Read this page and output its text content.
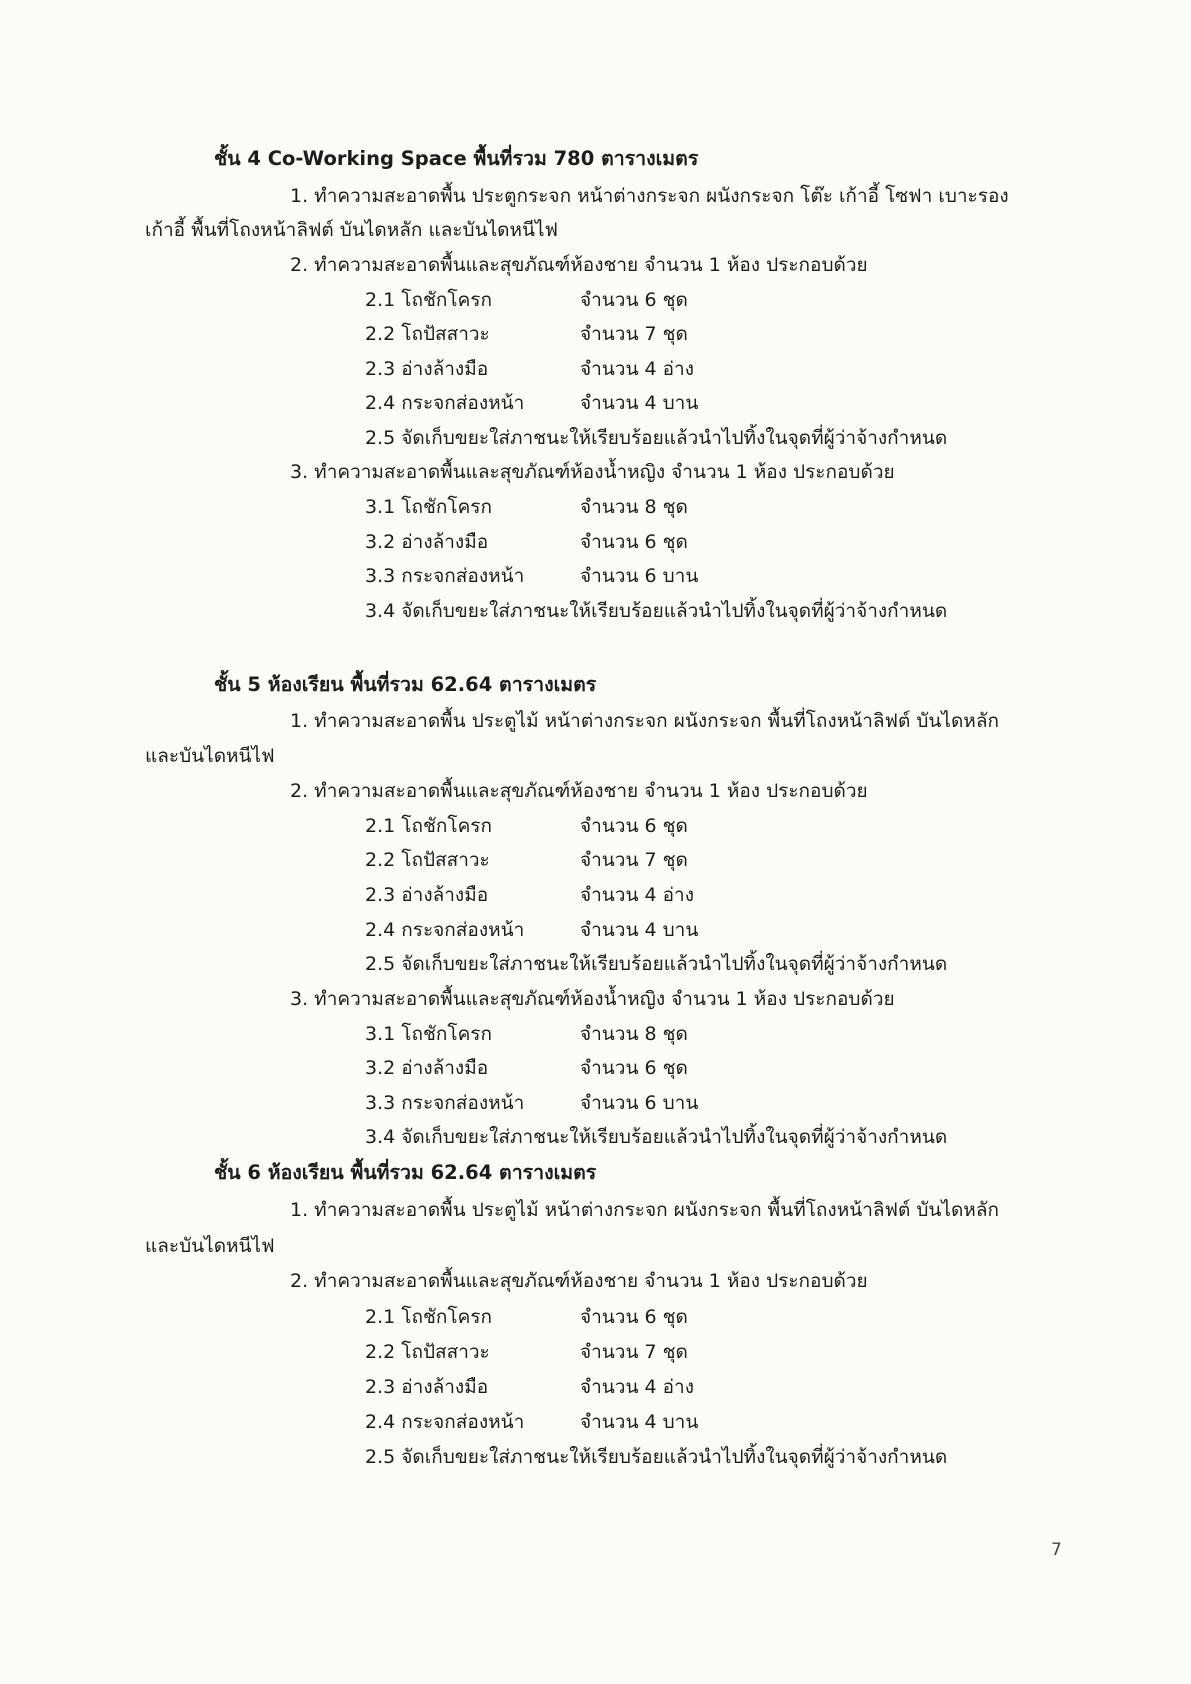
ชั้น 4 Co-Working Space พื้นที่รวม 780 ตารางเมตร
1. ทำความสะอาดพื้น ประตูกระจก หน้าต่างกระจก ผนังกระจก โต๊ะ เก้าอี้ โซฟา เบาะรอง
เก้าอี้ พื้นที่โถงหน้าลิฟต์ บันไดหลัก และบันไดหนีไฟ
2. ทำความสะอาดพื้นและสุขภัณฑ์ห้องชาย จำนวน 1 ห้อง ประกอบด้วย
2.1 โถชักโครก	จำนวน 6 ชุด
2.2 โถปัสสาวะ	จำนวน 7 ชุด
2.3 อ่างล้างมือ	จำนวน 4 อ่าง
2.4 กระจกส่องหน้า	จำนวน 4 บาน
2.5 จัดเก็บขยะใส่ภาชนะให้เรียบร้อยแล้วนำไปทิ้งในจุดที่ผู้ว่าจ้างกำหนด
3. ทำความสะอาดพื้นและสุขภัณฑ์ห้องน้ำหญิง จำนวน 1 ห้อง ประกอบด้วย
3.1 โถชักโครก	จำนวน 8 ชุด
3.2 อ่างล้างมือ	จำนวน 6 ชุด
3.3 กระจกส่องหน้า	จำนวน 6 บาน
3.4 จัดเก็บขยะใส่ภาชนะให้เรียบร้อยแล้วนำไปทิ้งในจุดที่ผู้ว่าจ้างกำหนด
ชั้น 5 ห้องเรียน พื้นที่รวม 62.64 ตารางเมตร
1. ทำความสะอาดพื้น ประตูไม้ หน้าต่างกระจก ผนังกระจก พื้นที่โถงหน้าลิฟต์ บันไดหลัก
และบันไดหนีไฟ
2. ทำความสะอาดพื้นและสุขภัณฑ์ห้องชาย จำนวน 1 ห้อง ประกอบด้วย
2.1 โถชักโครก	จำนวน 6 ชุด
2.2 โถปัสสาวะ	จำนวน 7 ชุด
2.3 อ่างล้างมือ	จำนวน 4 อ่าง
2.4 กระจกส่องหน้า	จำนวน 4 บาน
2.5 จัดเก็บขยะใส่ภาชนะให้เรียบร้อยแล้วนำไปทิ้งในจุดที่ผู้ว่าจ้างกำหนด
3. ทำความสะอาดพื้นและสุขภัณฑ์ห้องน้ำหญิง จำนวน 1 ห้อง ประกอบด้วย
3.1 โถชักโครก	จำนวน 8 ชุด
3.2 อ่างล้างมือ	จำนวน 6 ชุด
3.3 กระจกส่องหน้า	จำนวน 6 บาน
3.4 จัดเก็บขยะใส่ภาชนะให้เรียบร้อยแล้วนำไปทิ้งในจุดที่ผู้ว่าจ้างกำหนด
ชั้น 6 ห้องเรียน พื้นที่รวม 62.64 ตารางเมตร
1. ทำความสะอาดพื้น ประตูไม้ หน้าต่างกระจก ผนังกระจก พื้นที่โถงหน้าลิฟต์ บันไดหลัก
และบันไดหนีไฟ
2. ทำความสะอาดพื้นและสุขภัณฑ์ห้องชาย จำนวน 1 ห้อง ประกอบด้วย
2.1 โถชักโครก	จำนวน 6 ชุด
2.2 โถปัสสาวะ	จำนวน 7 ชุด
2.3 อ่างล้างมือ	จำนวน 4 อ่าง
2.4 กระจกส่องหน้า	จำนวน 4 บาน
2.5 จัดเก็บขยะใส่ภาชนะให้เรียบร้อยแล้วนำไปทิ้งในจุดที่ผู้ว่าจ้างกำหนด
7
